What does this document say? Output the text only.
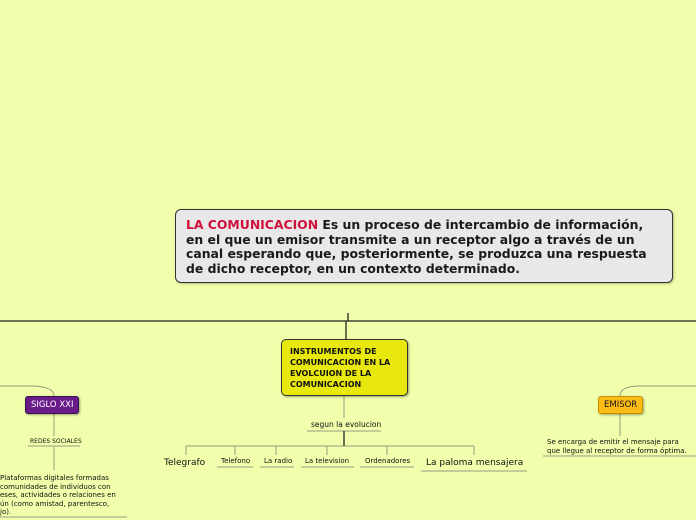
LA COMUNICACION Es un proceso de intercambio de información, en el que un emisor transmite a un receptor algo a través de un canal esperando que, posteriormente, se produzca una respuesta de dicho receptor, en un contexto determinado.
INSTRUMENTOS DE COMUNICACION EN LA EVOLCUION DE LA COMUNICACION
segun la evolucion
Telegrafo Telefono La radio La television Ordenadores La paloma mensajera
SIGLO XXI
REDES SOCIALES
Plataformas digitales formadas comunidades de individuos con eses, actividades o relaciones en ún (como amistad, parentesco, jo).
EMISOR
Se encarga de emitir el mensaje para que llegue al receptor de forma óptima.
